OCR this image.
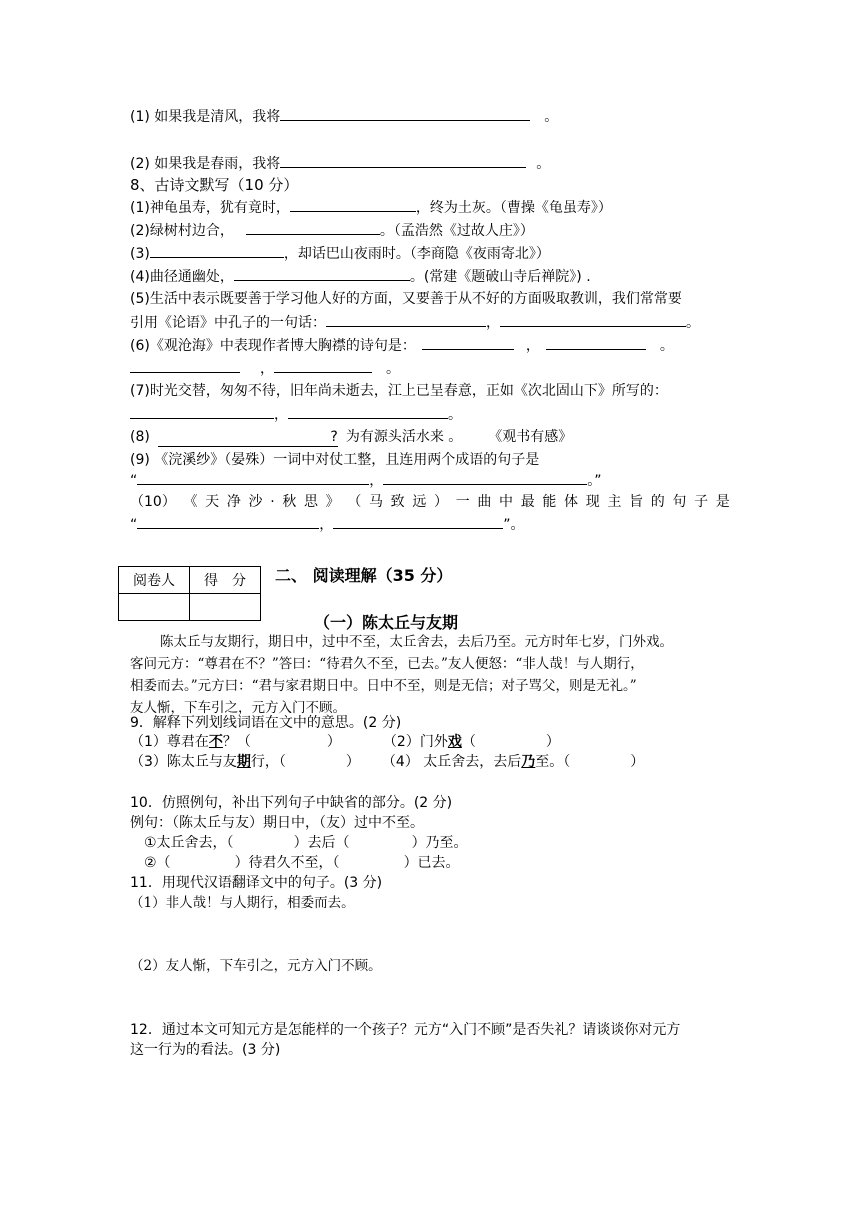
(1) 如果我是清风，我将	。
(2) 如果我是春雨，我将	。
8、古诗文默写（10 分）
(1)神龟虽寿，犹有竟时，	，终为土灰。（曹操《龟虽寿》）
(2)绿树村边合，	。（孟浩然《过故人庄》）
(3)	，却话巴山夜雨时。（李商隐《夜雨寄北》）
(4)曲径通幽处，	。(常建《题破山寺后禅院》) .
(5)生活中表示既要善于学习他人好的方面，又要善于从不好的方面吸取教训，我们常常要
引用《论语》中孔子的一句话：	，	。
(6)《观沧海》中表现作者博大胸襟的诗句是：	，	。
，	。
(7)时光交替，匆匆不待，旧年尚未逝去，江上已呈春意，正如《次北固山下》所写的：
，	。
(8)	? 为有源头活水来 。 《观书有感》
(9) 《浣溪纱》（晏殊）一词中对仗工整，且连用两个成语的句子是
“	，	。”
（10） 《 天 净 沙 · 秋 思 》 （ 马 致 远 ） 一 曲 中 最 能 体 现 主 旨 的 句 子 是
“	，	”。
阅卷人	得　分
	二、 阅读理解（35 分）
（一）陈太丘与友期
陈太丘与友期行，期日中，过中不至，太丘舍去，去后乃至。元方时年七岁，门外戏。
客问元方：“尊君在不？”答曰：“待君久不至，已去。”友人便怒：“非人哉！与人期行，
相委而去。”元方曰：“君与家君期日中。日中不至，则是无信；对子骂父，则是无礼。”
友人惭，下车引之，元方入门不顾。
9．解释下列划线词语在文中的意思。(2 分)
（1）尊君在不？（	）	（2）门外戏（	）
（3）陈太丘与友期行，（	） （4） 太丘舍去，去后乃至。（	）
10．仿照例句，补出下列句子中缺省的部分。(2 分)
例句：（陈太丘与友）期日中，（友）过中不至。
①太丘舍去，（	）去后（	）乃至。
②（	）待君久不至，（	）已去。
11．用现代汉语翻译文中的句子。(3 分)
（1）非人哉！与人期行，相委而去。
（2）友人惭，下车引之，元方入门不顾。
12．通过本文可知元方是怎能样的一个孩子？元方“入门不顾”是否失礼？请谈谈你对元方
这一行为的看法。(3 分)
